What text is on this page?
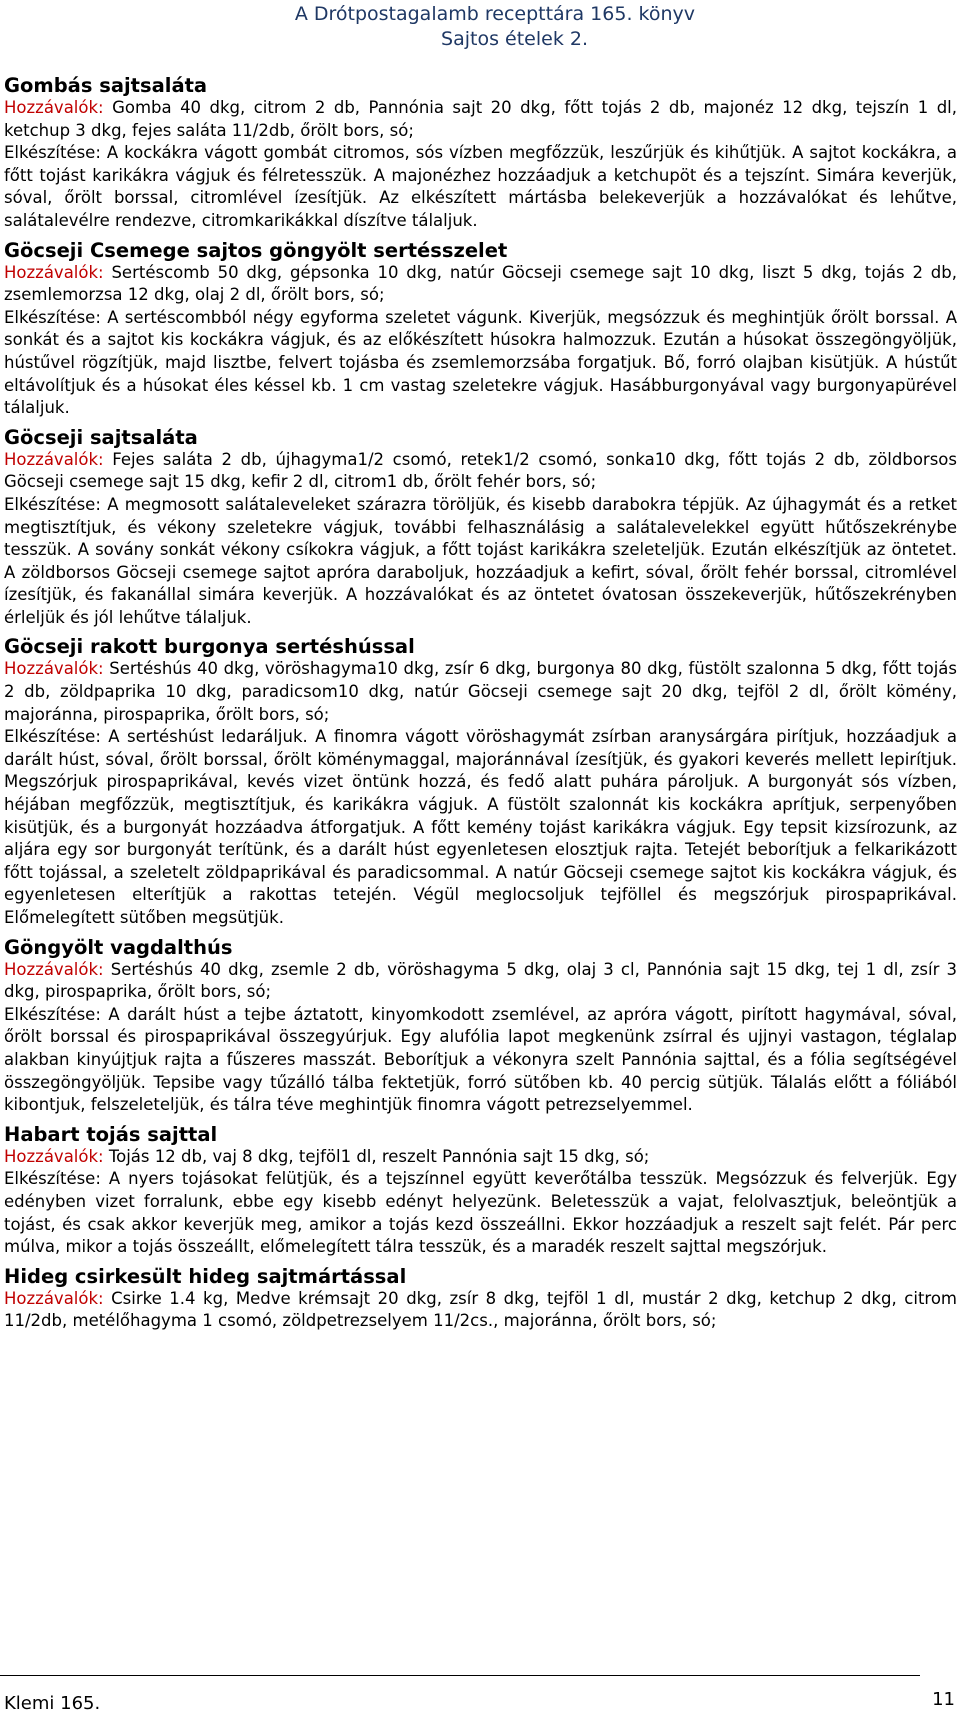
A Drótpostagalamb recepttára 165. könyv
Sajtos ételek 2.
Gombás sajtsaláta

Hozzávalók: Gomba 40 dkg, citrom 2 db, Pannónia sajt 20 dkg, főtt tojás 2 db, majonéz 12 dkg, tejszín 1 dl, ketchup 3 dkg, fejes saláta 11/2db, őrölt bors, só;

Elkészítése: A kockákra vágott gombát citromos, sós vízben megfőzzük, leszűrjük és kihűtjük. A sajtot kockákra, a főtt tojást karikákra vágjuk és félretesszük. A majonézhez hozzáadjuk a ketchupöt és a tejszínt. Simára keverjük, sóval, őrölt borssal, citromlével ízesítjük. Az elkészített mártásba belekeverjük a hozzávalókat és lehűtve, salátalevélre rendezve, citromkarikákkal díszítve tálaljuk.

Göcseji Csemege sajtos göngyölt sertésszelet

Hozzávalók: Sertéscomb 50 dkg, gépsonka 10 dkg, natúr Göcseji csemege sajt 10 dkg, liszt 5 dkg, tojás 2 db, zsemlemorzsa 12 dkg, olaj 2 dl, őrölt bors, só;

Elkészítése: A sertéscombból négy egyforma szeletet vágunk. Kiverjük, megsózzuk és meghintjük őrölt borssal. A sonkát és a sajtot kis kockákra vágjuk, és az előkészített húsokra halmozzuk. Ezután a húsokat összegöngyöljük, hústűvel rögzítjük, majd lisztbe, felvert tojásba és zsemlemorzsába forgatjuk. Bő, forró olajban kisütjük. A hústűt eltávolítjuk és a húsokat éles késsel kb. 1 cm vastag szeletekre vágjuk. Hasábburgonyával vagy burgonyapürével tálaljuk.

Göcseji sajtsaláta

Hozzávalók: Fejes saláta 2 db, újhagyma1/2 csomó, retek1/2 csomó, sonka10 dkg, főtt tojás 2 db, zöldborsos Göcseji csemege sajt 15 dkg, kefir 2 dl, citrom1 db, őrölt fehér bors, só;

Elkészítése: A megmosott salátaleveleket szárazra töröljük, és kisebb darabokra tépjük. Az újhagymát és a retket megtisztítjuk, és vékony szeletekre vágjuk, további felhasználásig a salátalevelekkel együtt hűtőszekrénybe tesszük. A sovány sonkát vékony csíkokra vágjuk, a főtt tojást karikákra szeleteljük. Ezután elkészítjük az öntetet. A zöldborsos Göcseji csemege sajtot apróra daraboljuk, hozzáadjuk a kefirt, sóval, őrölt fehér borssal, citromlével ízesítjük, és fakanállal simára keverjük. A hozzávalókat és az öntetet óvatosan összekeverjük, hűtőszekrényben érleljük és jól lehűtve tálaljuk.

Göcseji rakott burgonya sertéshússal

Hozzávalók: Sertéshús 40 dkg, vöröshagyma10 dkg, zsír 6 dkg, burgonya 80 dkg, füstölt szalonna 5 dkg, főtt tojás 2 db, zöldpaprika 10 dkg, paradicsom10 dkg, natúr Göcseji csemege sajt 20 dkg, tejföl 2 dl, őrölt kömény, majoránna, pirospaprika, őrölt bors, só;

Elkészítése: A sertéshúst ledaráljuk. A finomra vágott vöröshagymát zsírban aranysárgára pirítjuk, hozzáadjuk a darált húst, sóval, őrölt borssal, őrölt köménymaggal, majoránnával ízesítjük, és gyakori keverés mellett lepirítjuk. Megszórjuk pirospaprikával, kevés vizet öntünk hozzá, és fedő alatt puhára pároljuk. A burgonyát sós vízben, héjában megfőzzük, megtisztítjuk, és karikákra vágjuk. A füstölt szalonnát kis kockákra aprítjuk, serpenyőben kisütjük, és a burgonyát hozzáadva átforgatjuk. A főtt kemény tojást karikákra vágjuk. Egy tepsit kizsírozunk, az aljára egy sor burgonyát terítünk, és a darált húst egyenletesen elosztjuk rajta. Tetejét beborítjuk a felkarikázott főtt tojással, a szeletelt zöldpaprikával és paradicsommal. A natúr Göcseji csemege sajtot kis kockákra vágjuk, és egyenletesen elterítjük a rakottas tetején. Végül meglocsoljuk tejföllel és megszórjuk pirospaprikával. Előmelegített sütőben megsütjük.

Göngyölt vagdalthús

Hozzávalók: Sertéshús 40 dkg, zsemle 2 db, vöröshagyma 5 dkg, olaj 3 cl, Pannónia sajt 15 dkg, tej 1 dl, zsír 3 dkg, pirospaprika, őrölt bors, só;

Elkészítése: A darált húst a tejbe áztatott, kinyomkodott zsemlével, az apróra vágott, pirított hagymával, sóval, őrölt borssal és pirospaprikával összegyúrjuk. Egy alufólia lapot megkenünk zsírral és ujjnyi vastagon, téglalap alakban kinyújtjuk rajta a fűszeres masszát. Beborítjuk a vékonyra szelt Pannónia sajttal, és a fólia segítségével összegöngyöljük. Tepsibe vagy tűzálló tálba fektetjük, forró sütőben kb. 40 percig sütjük. Tálalás előtt a fóliából kibontjuk, felszeleteljük, és tálra téve meghintjük finomra vágott petrezselyemmel.

Habart tojás sajttal

Hozzávalók: Tojás 12 db, vaj 8 dkg, tejföl1 dl, reszelt Pannónia sajt 15 dkg, só;

Elkészítése: A nyers tojásokat felütjük, és a tejszínnel együtt keverőtálba tesszük. Megsózzuk és felverjük. Egy edényben vizet forralunk, ebbe egy kisebb edényt helyezünk. Beletesszük a vajat, felolvasztjuk, beleöntjük a tojást, és csak akkor keverjük meg, amikor a tojás kezd összeállni. Ekkor hozzáadjuk a reszelt sajt felét. Pár perc múlva, mikor a tojás összeállt, előmelegített tálra tesszük, és a maradék reszelt sajttal megszórjuk.

Hideg csirkesült hideg sajtmártással

Hozzávalók: Csirke 1.4 kg, Medve krémsajt 20 dkg, zsír 8 dkg, tejföl 1 dl, mustár 2 dkg, ketchup 2 dkg, citrom 11/2db, metélőhagyma 1 csomó, zöldpetrezselyem 11/2cs., majoránna, őrölt bors, só;

Klemi 165.	11
